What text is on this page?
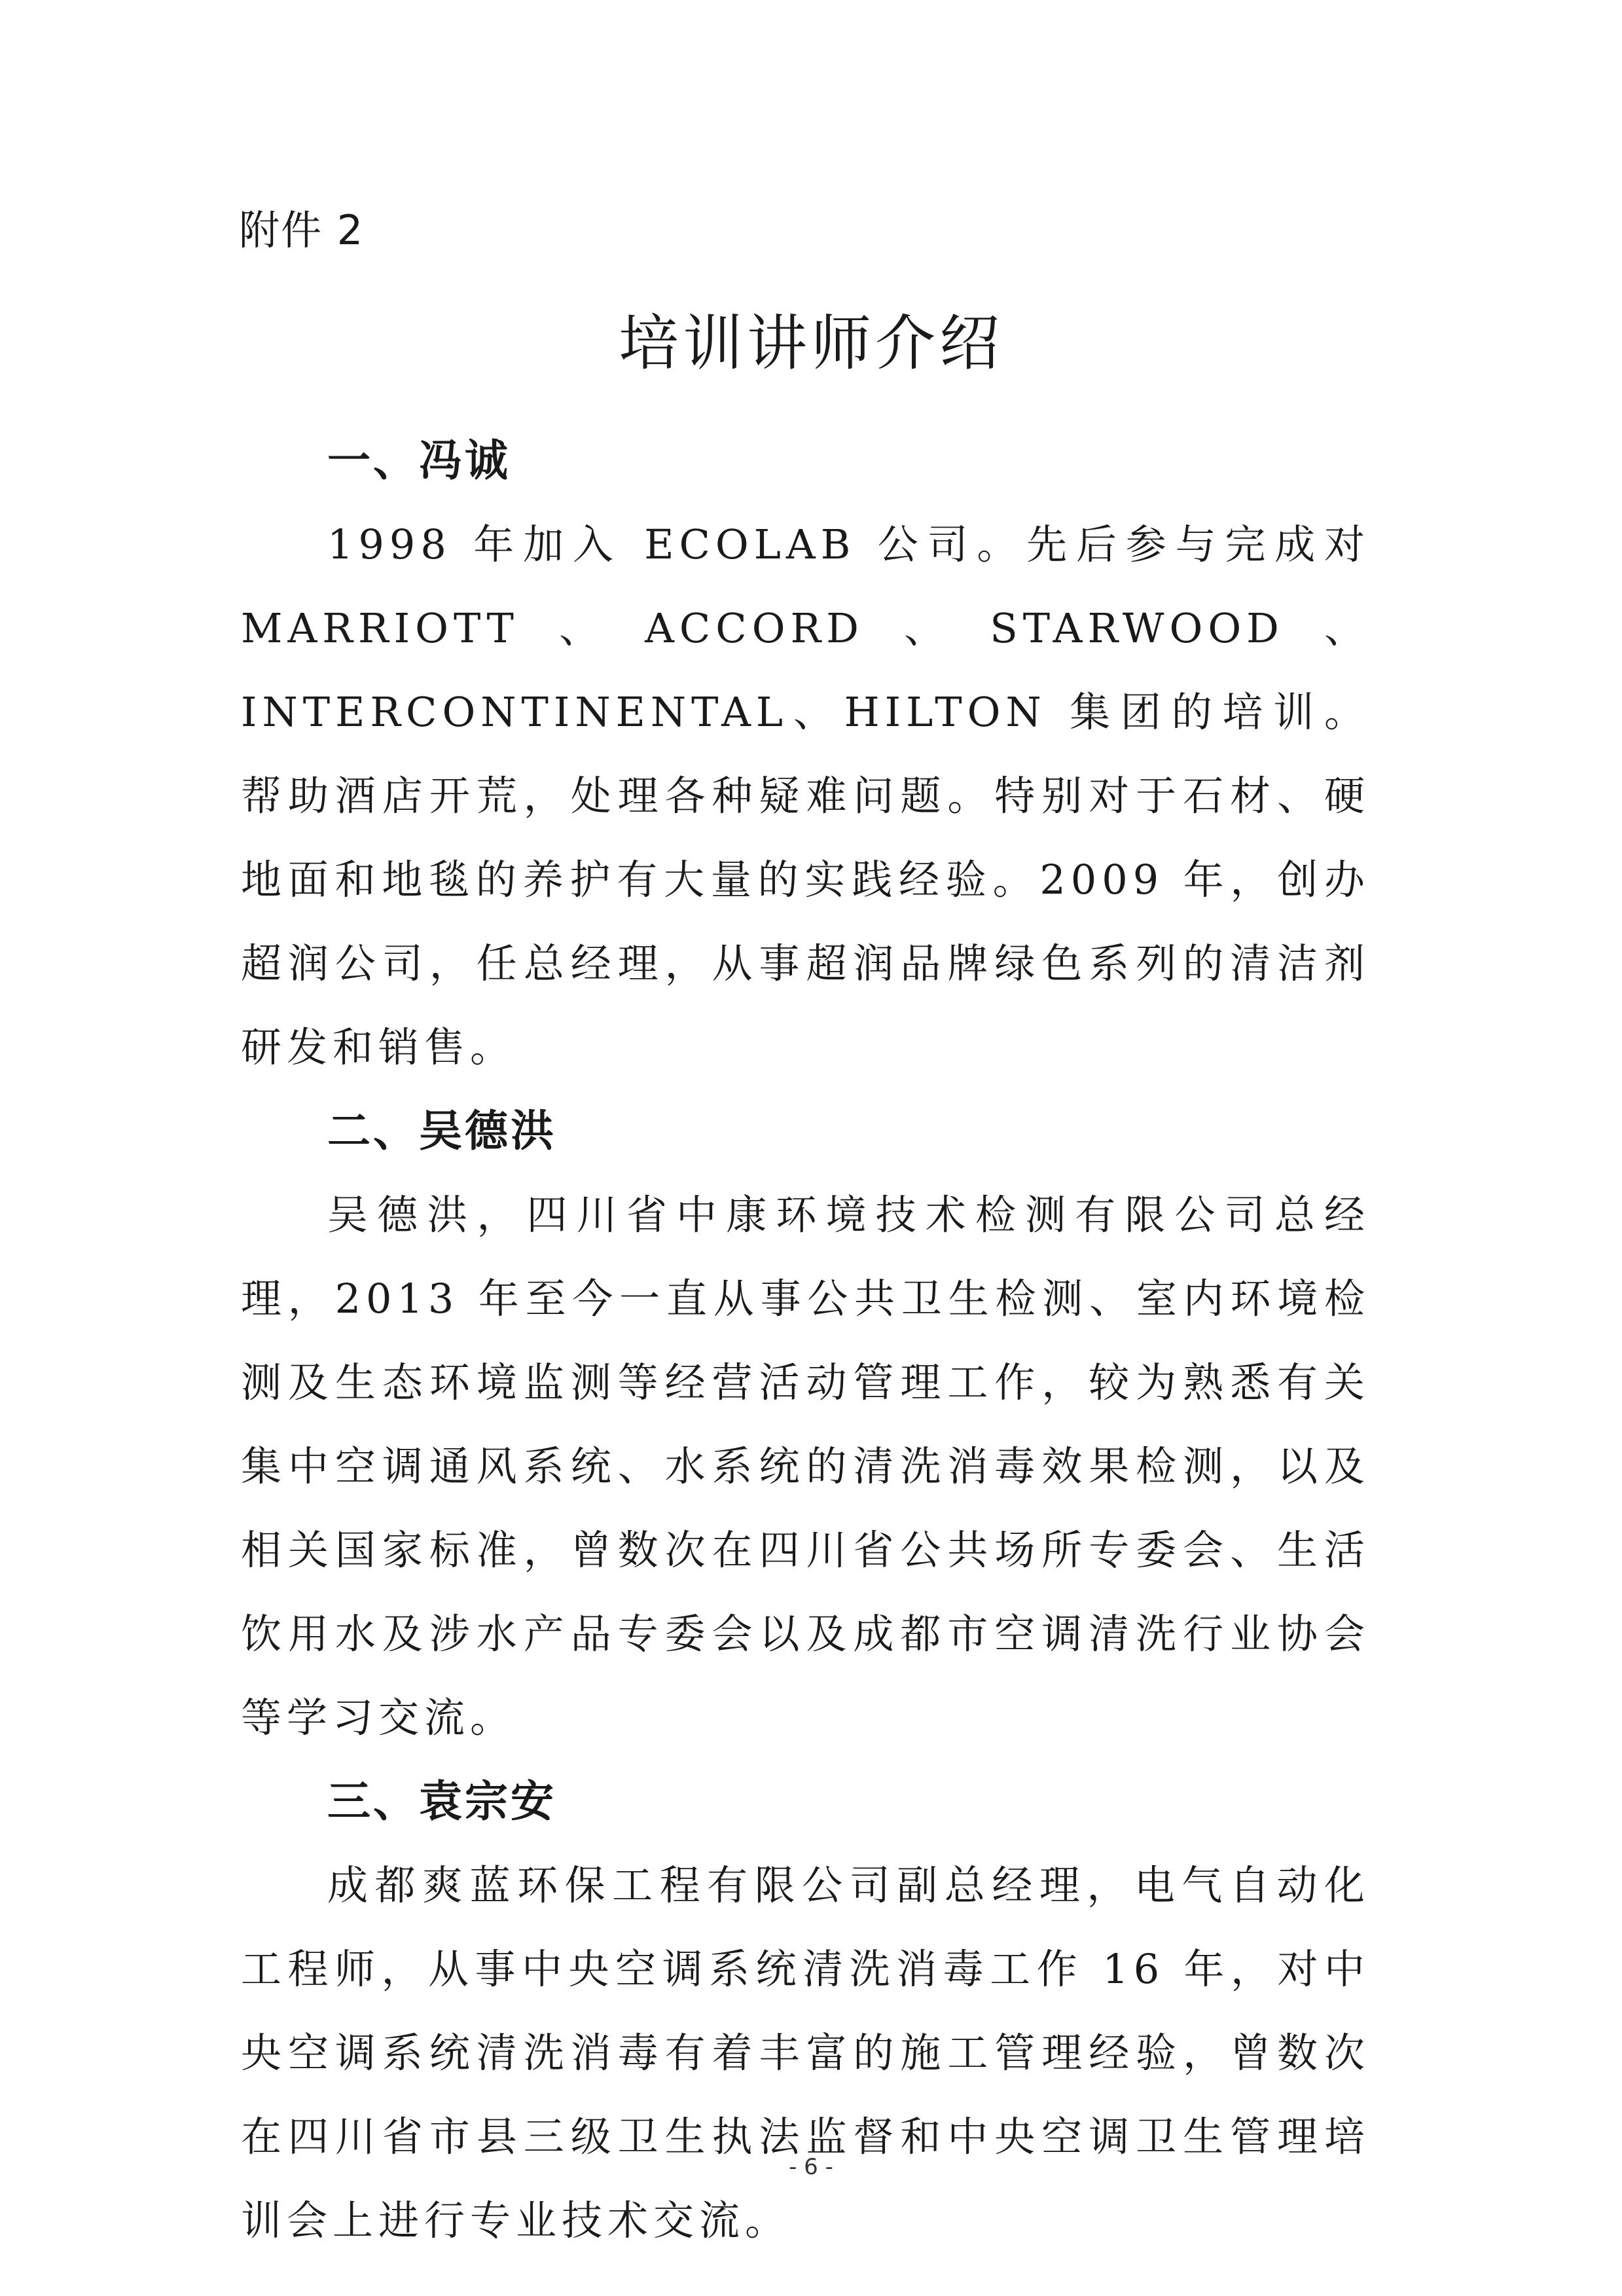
附件 2
培训讲师介绍
一、冯诚

1998 年加入 ECOLAB 公司。先后参与完成对 MARRIOTT、ACCORD、STARWOOD、INTERCONTINENTAL、HILTON 集团的培训。帮助酒店开荒，处理各种疑难问题。特别对于石材、硬地面和地毯的养护有大量的实践经验。2009 年，创办超润公司，任总经理，从事超润品牌绿色系列的清洁剂研发和销售。

二、吴德洪

吴德洪，四川省中康环境技术检测有限公司总经理，2013 年至今一直从事公共卫生检测、室内环境检测及生态环境监测等经营活动管理工作，较为熟悉有关集中空调通风系统、水系统的清洗消毒效果检测，以及相关国家标准，曾数次在四川省公共场所专委会、生活饮用水及涉水产品专委会以及成都市空调清洗行业协会等学习交流。

三、袁宗安

成都爽蓝环保工程有限公司副总经理，电气自动化工程师，从事中央空调系统清洗消毒工作 16 年，对中央空调系统清洗消毒有着丰富的施工管理经验，曾数次在四川省市县三级卫生执法监督和中央空调卫生管理培训会上进行专业技术交流。

- 6 -
